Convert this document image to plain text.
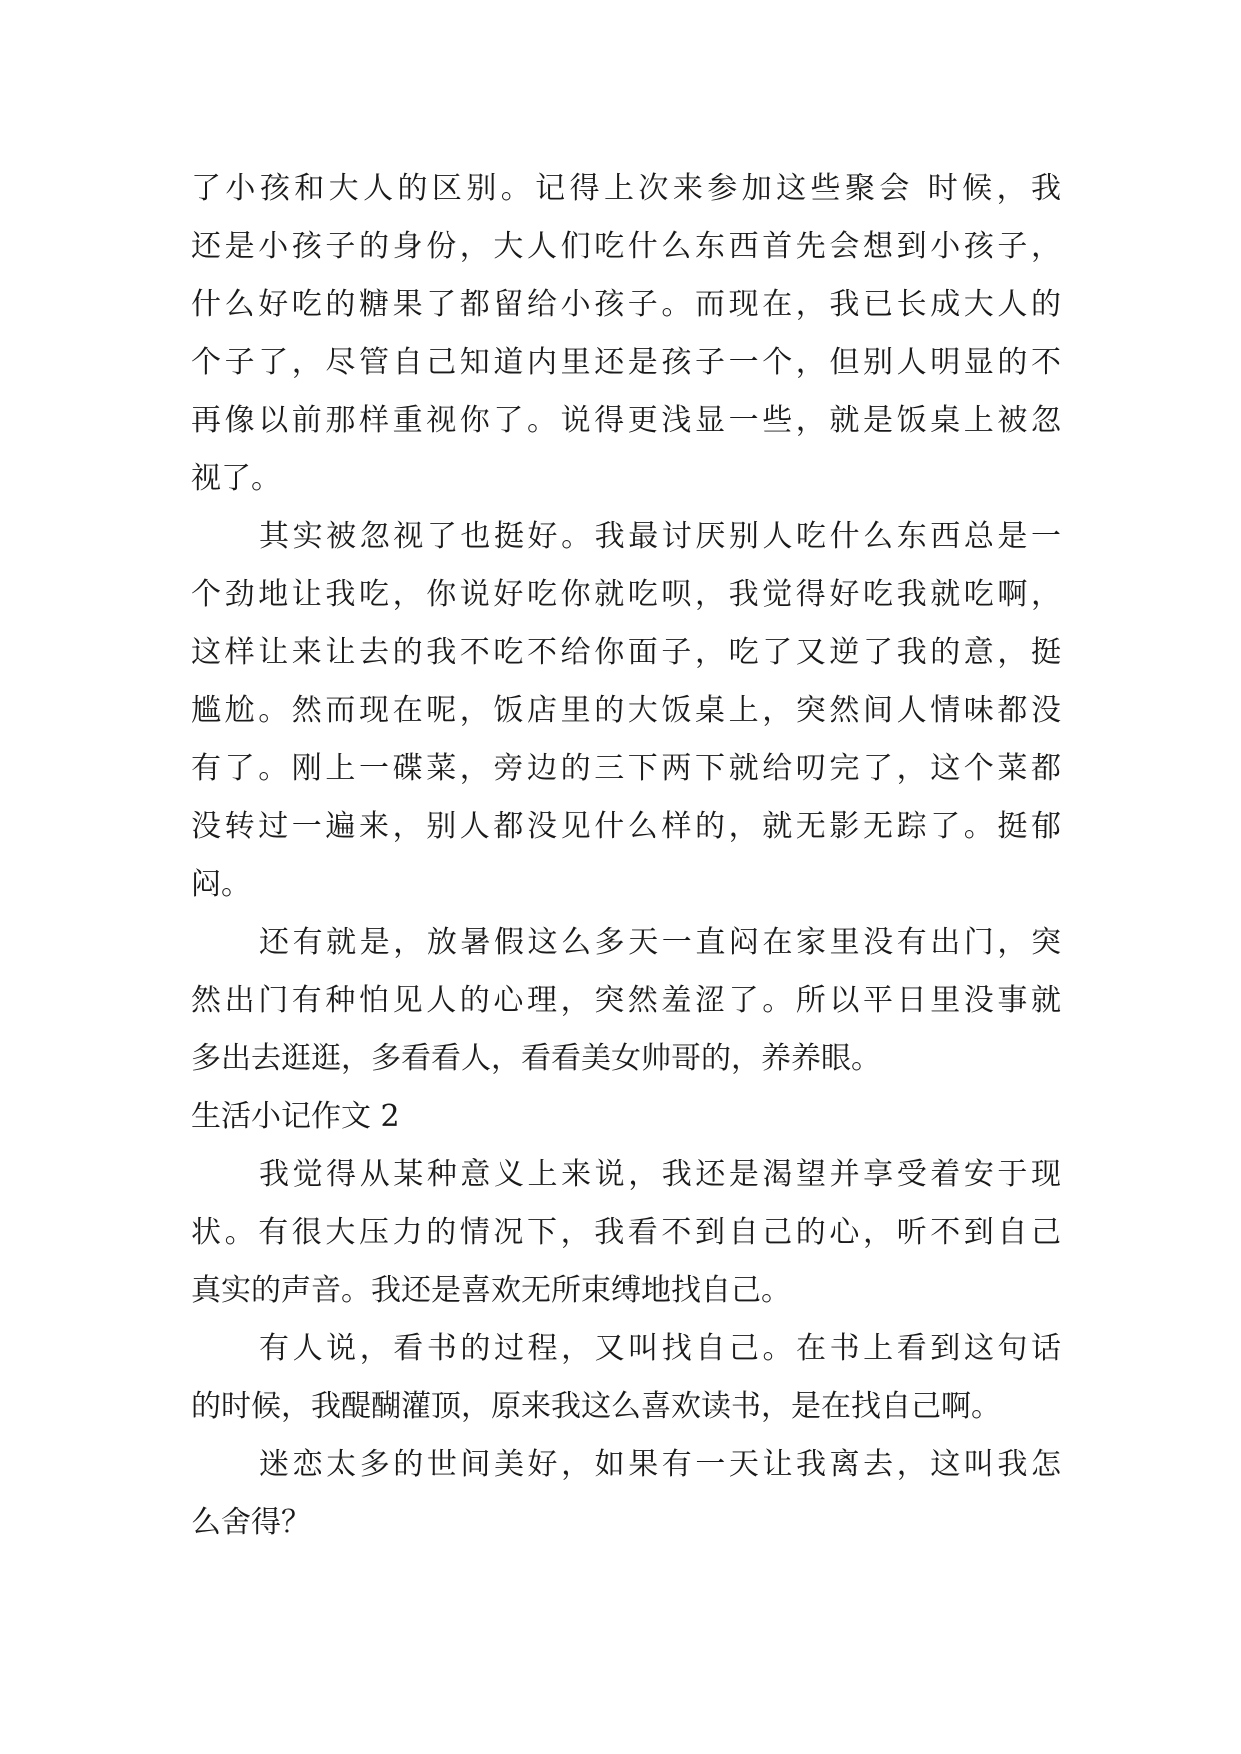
了小孩和大人的区别。记得上次来参加这些聚会 时候，我
还是小孩子的身份，大人们吃什么东西首先会想到小孩子，
什么好吃的糖果了都留给小孩子。而现在，我已长成大人的
个子了，尽管自己知道内里还是孩子一个，但别人明显的不
再像以前那样重视你了。说得更浅显一些，就是饭桌上被忽
视了。
其实被忽视了也挺好。我最讨厌别人吃什么东西总是一
个劲地让我吃，你说好吃你就吃呗，我觉得好吃我就吃啊，
这样让来让去的我不吃不给你面子，吃了又逆了我的意，挺
尴尬。然而现在呢，饭店里的大饭桌上，突然间人情味都没
有了。刚上一碟菜，旁边的三下两下就给叨完了，这个菜都
没转过一遍来，别人都没见什么样的，就无影无踪了。挺郁
闷。
还有就是，放暑假这么多天一直闷在家里没有出门，突
然出门有种怕见人的心理，突然羞涩了。所以平日里没事就
多出去逛逛，多看看人，看看美女帅哥的，养养眼。
生活小记作文 2
我觉得从某种意义上来说，我还是渴望并享受着安于现
状。有很大压力的情况下，我看不到自己的心，听不到自己
真实的声音。我还是喜欢无所束缚地找自己。
有人说，看书的过程，又叫找自己。在书上看到这句话
的时候，我醍醐灌顶，原来我这么喜欢读书，是在找自己啊。
迷恋太多的世间美好，如果有一天让我离去，这叫我怎
么舍得？
